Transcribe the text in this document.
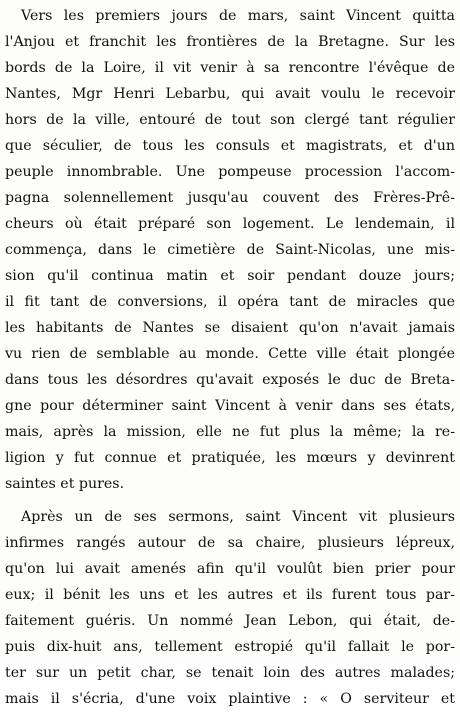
Vers les premiers jours de mars, saint Vincent quitta
l'Anjou et franchit les frontières de la Bretagne. Sur les
bords de la Loire, il vit venir à sa rencontre l'évêque de
Nantes, Mgr Henri Lebarbu, qui avait voulu le recevoir
hors de la ville, entouré de tout son clergé tant régulier
que séculier, de tous les consuls et magistrats, et d'un
peuple innombrable. Une pompeuse procession l'accom-
pagna solennellement jusqu'au couvent des Frères-Prê-
cheurs où était préparé son logement. Le lendemain, il
commença, dans le cimetière de Saint-Nicolas, une mis-
sion qu'il continua matin et soir pendant douze jours;
il fit tant de conversions, il opéra tant de miracles que
les habitants de Nantes se disaient qu'on n'avait jamais
vu rien de semblable au monde. Cette ville était plongée
dans tous les désordres qu'avait exposés le duc de Breta-
gne pour déterminer saint Vincent à venir dans ses états,
mais, après la mission, elle ne fut plus la même; la re-
ligion y fut connue et pratiquée, les mœurs y devinrent
saintes et pures.

Après un de ses sermons, saint Vincent vit plusieurs
infirmes rangés autour de sa chaire, plusieurs lépreux,
qu'on lui avait amenés afin qu'il voulût bien prier pour
eux; il bénit les uns et les autres et ils furent tous par-
faitement guéris. Un nommé Jean Lebon, qui était, de-
puis dix-huit ans, tellement estropié qu'il fallait le por-
ter sur un petit char, se tenait loin des autres malades;
mais il s'écria, d'une voix plaintive : « O serviteur et
